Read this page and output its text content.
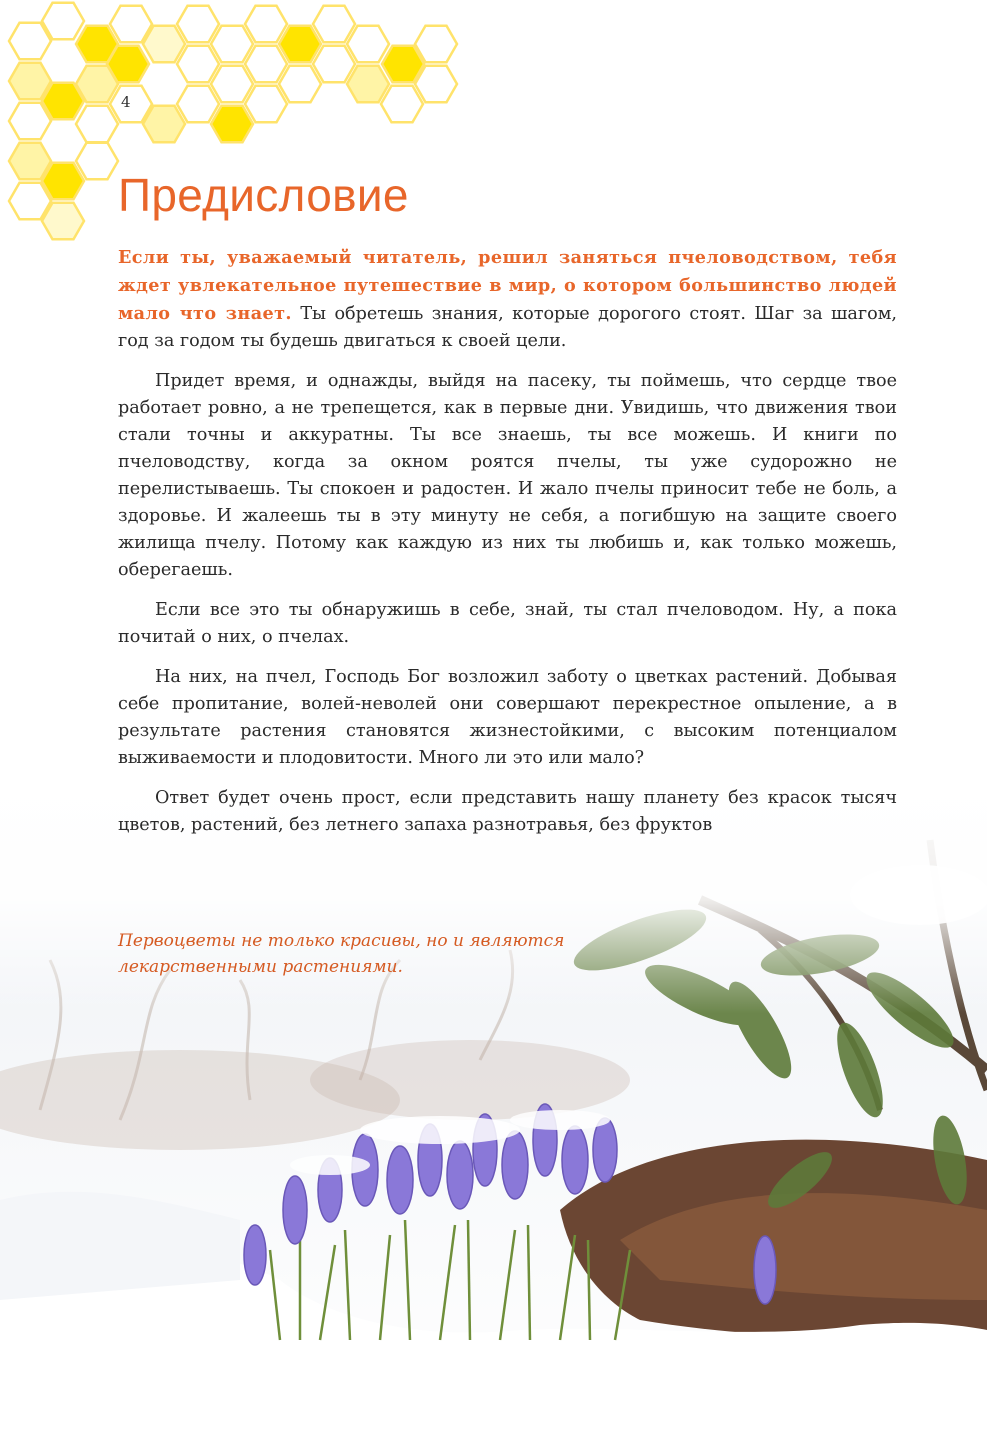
4
Предисловие

Если ты, уважаемый читатель, решил заняться пчеловодством, тебя ждет увлекательное путешествие в мир, о котором большинство людей мало что знает. Ты обретешь знания, которые дорогого стоят. Шаг за шагом, год за годом ты будешь двигаться к своей цели.

Придет время, и однажды, выйдя на пасеку, ты поймешь, что сердце твое работает ровно, а не трепещется, как в первые дни. Увидишь, что движения твои стали точны и аккуратны. Ты все знаешь, ты все можешь. И книги по пчеловодству, когда за окном роятся пчелы, ты уже судорожно не перелистываешь. Ты спокоен и радостен. И жало пчелы приносит тебе не боль, а здоровье. И жалеешь ты в эту минуту не себя, а погибшую на защите своего жилища пчелу. Потому как каждую из них ты любишь и, как только можешь, оберегаешь.

Если все это ты обнаружишь в себе, знай, ты стал пчеловодом. Ну, а пока почитай о них, о пчелах.

На них, на пчел, Господь Бог возложил заботу о цветках растений. Добывая себе пропитание, волей-неволей они совершают перекрестное опыление, а в результате растения становятся жизнестойкими, с высоким потенциалом выживаемости и плодовитости. Много ли это или мало?

Ответ будет очень прост, если представить нашу планету без красок тысяч цветов, растений, без летнего запаха разнотравья, без фруктов

Первоцветы не только красивы, но и являются лекарственными растениями.
